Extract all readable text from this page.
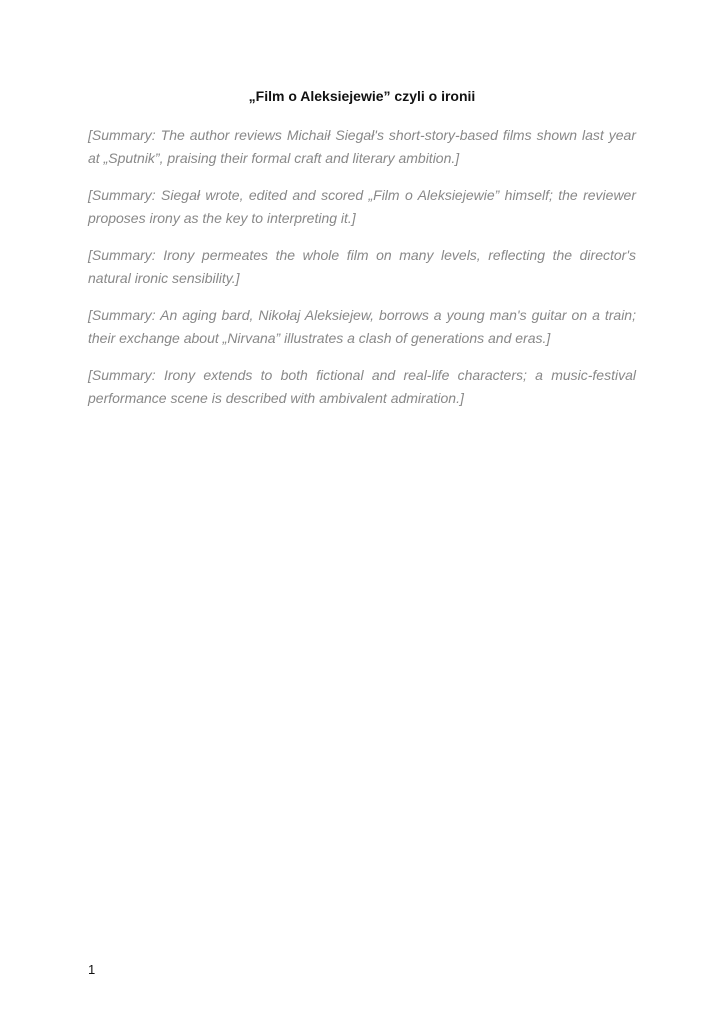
„Film o Aleksiejewie” czyli o ironii

[Summary: The author reviews Michaił Siegał's short-story-based films shown last year at „Sputnik”, praising their formal craft and literary ambition.]

[Summary: Siegał wrote, edited and scored „Film o Aleksiejewie” himself; the reviewer proposes irony as the key to interpreting it.]

[Summary: Irony permeates the whole film on many levels, reflecting the director's natural ironic sensibility.]

[Summary: An aging bard, Nikołaj Aleksiejew, borrows a young man's guitar on a train; their exchange about „Nirvana” illustrates a clash of generations and eras.]

[Summary: Irony extends to both fictional and real-life characters; a music-festival performance scene is described with ambivalent admiration.]

1
